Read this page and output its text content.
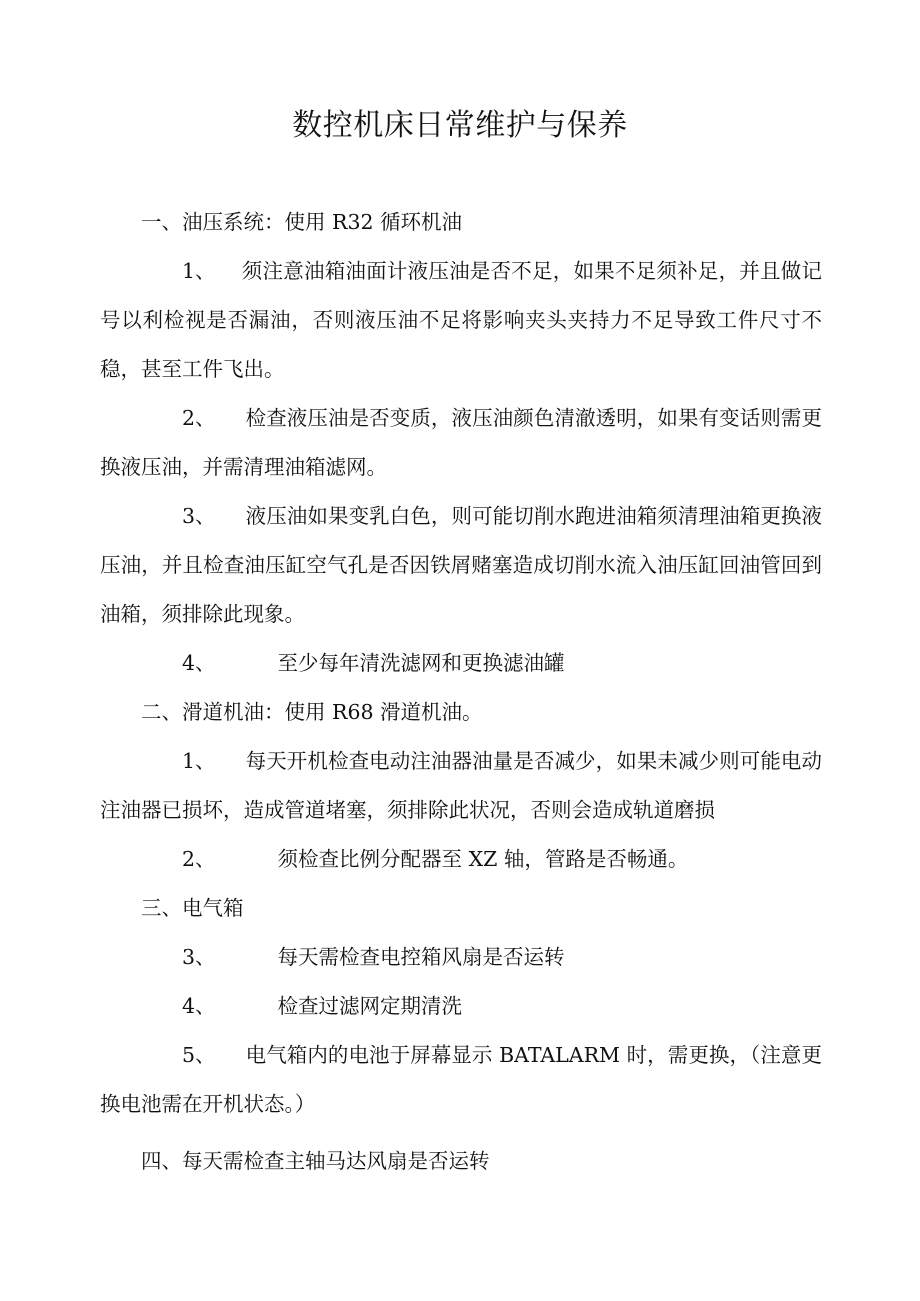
数控机床日常维护与保养

一、油压系统：使用 R32 循环机油

1、 须注意油箱油面计液压油是否不足，如果不足须补足，并且做记号以利检视是否漏油，否则液压油不足将影响夹头夹持力不足导致工件尺寸不稳，甚至工件飞出。

2、 检查液压油是否变质，液压油颜色清澈透明，如果有变话则需更换液压油，并需清理油箱滤网。

3、 液压油如果变乳白色，则可能切削水跑进油箱须清理油箱更换液压油，并且检查油压缸空气孔是否因铁屑赌塞造成切削水流入油压缸回油管回到油箱，须排除此现象。

4、	至少每年清洗滤网和更换滤油罐

二、滑道机油：使用 R68 滑道机油。

1、 每天开机检查电动注油器油量是否减少，如果未减少则可能电动注油器已损坏，造成管道堵塞，须排除此状况，否则会造成轨道磨损

2、	须检查比例分配器至 XZ 轴，管路是否畅通。

三、电气箱

3、	每天需检查电控箱风扇是否运转

4、	检查过滤网定期清洗

5、 电气箱内的电池于屏幕显示 BATALARM 时，需更换，（注意更换电池需在开机状态。）

四、每天需检查主轴马达风扇是否运转
